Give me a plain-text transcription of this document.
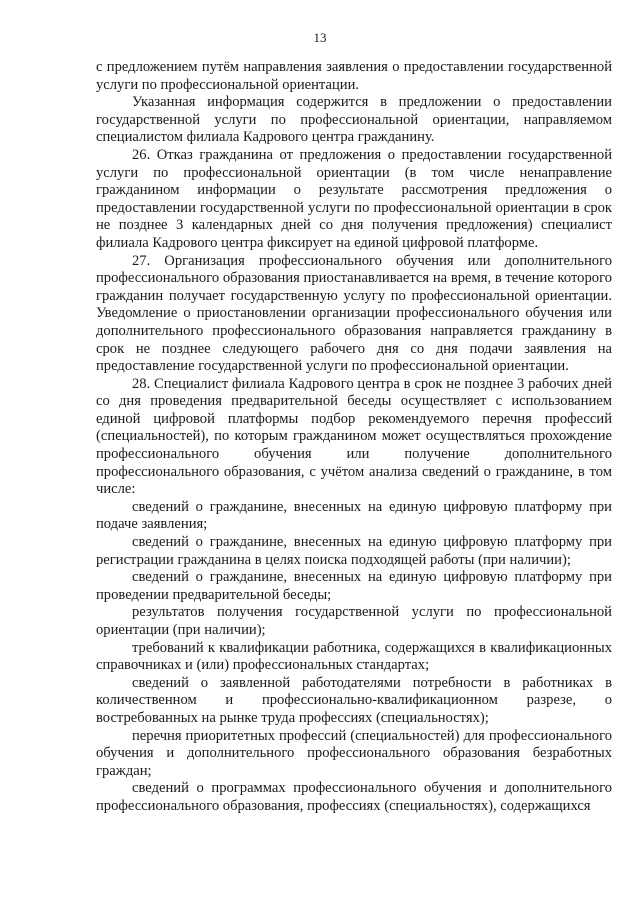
13

с предложением путём направления заявления о предоставлении государственной услуги по профессиональной ориентации.

Указанная информация содержится в предложении о предоставлении государственной услуги по профессиональной ориентации, направляемом специалистом филиала Кадрового центра гражданину.

26. Отказ гражданина от предложения о предоставлении государственной услуги по профессиональной ориентации (в том числе ненаправление гражданином информации о результате рассмотрения предложения о предоставлении государственной услуги по профессиональной ориентации в срок не позднее 3 календарных дней со дня получения предложения) специалист филиала Кадрового центра фиксирует на единой цифровой платформе.

27. Организация профессионального обучения или дополнительного профессионального образования приостанавливается на время, в течение которого гражданин получает государственную услугу по профессиональной ориентации. Уведомление о приостановлении организации профессионального обучения или дополнительного профессионального образования направляется гражданину в срок не позднее следующего рабочего дня со дня подачи заявления на предоставление государственной услуги по профессиональной ориентации.

28. Специалист филиала Кадрового центра в срок не позднее 3 рабочих дней со дня проведения предварительной беседы осуществляет с использованием единой цифровой платформы подбор рекомендуемого перечня профессий (специальностей), по которым гражданином может осуществляться прохождение профессионального обучения или получение дополнительного профессионального образования, с учётом анализа сведений о гражданине, в том числе:

сведений о гражданине, внесенных на единую цифровую платформу при подаче заявления;

сведений о гражданине, внесенных на единую цифровую платформу при регистрации гражданина в целях поиска подходящей работы (при наличии);

сведений о гражданине, внесенных на единую цифровую платформу при проведении предварительной беседы;

результатов получения государственной услуги по профессиональной ориентации (при наличии);

требований к квалификации работника, содержащихся в квалификационных справочниках и (или) профессиональных стандартах;

сведений о заявленной работодателями потребности в работниках в количественном и профессионально-квалификационном разрезе, о востребованных на рынке труда профессиях (специальностях);

перечня приоритетных профессий (специальностей) для профессионального обучения и дополнительного профессионального образования безработных граждан;

сведений о программах профессионального обучения и дополнительного профессионального образования, профессиях (специальностях), содержащихся
